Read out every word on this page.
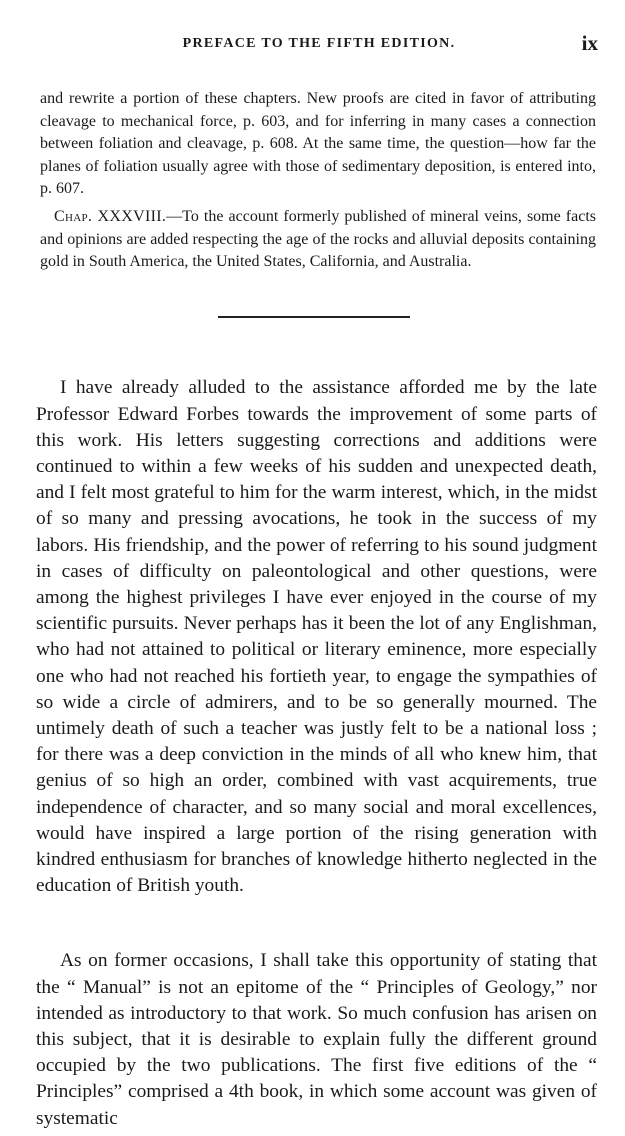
PREFACE TO THE FIFTH EDITION.	ix

and rewrite a portion of these chapters. New proofs are cited in favor of attributing cleavage to mechanical force, p. 603, and for inferring in many cases a connection between foliation and cleavage, p. 608. At the same time, the question—how far the planes of foliation usually agree with those of sedimentary deposition, is entered into, p. 607.

Chap. XXXVIII.—To the account formerly published of mineral veins, some facts and opinions are added respecting the age of the rocks and alluvial deposits containing gold in South America, the United States, California, and Australia.

I have already alluded to the assistance afforded me by the late Professor Edward Forbes towards the improvement of some parts of this work. His letters suggesting corrections and additions were continued to within a few weeks of his sudden and unexpected death, and I felt most grateful to him for the warm interest, which, in the midst of so many and pressing avocations, he took in the success of my labors. His friendship, and the power of referring to his sound judgment in cases of difficulty on paleontological and other questions, were among the highest privileges I have ever enjoyed in the course of my scientific pursuits. Never perhaps has it been the lot of any Englishman, who had not attained to political or literary eminence, more especially one who had not reached his fortieth year, to engage the sympathies of so wide a circle of admirers, and to be so generally mourned. The untimely death of such a teacher was justly felt to be a national loss ; for there was a deep conviction in the minds of all who knew him, that genius of so high an order, combined with vast acquirements, true independence of character, and so many social and moral excellences, would have inspired a large portion of the rising generation with kindred enthusiasm for branches of knowledge hitherto neglected in the education of British youth.

As on former occasions, I shall take this opportunity of stating that the “ Manual” is not an epitome of the “ Principles of Geology,” nor intended as introductory to that work. So much confusion has arisen on this subject, that it is desirable to explain fully the different ground occupied by the two publications. The first five editions of the “ Principles” comprised a 4th book, in which some account was given of systematic
